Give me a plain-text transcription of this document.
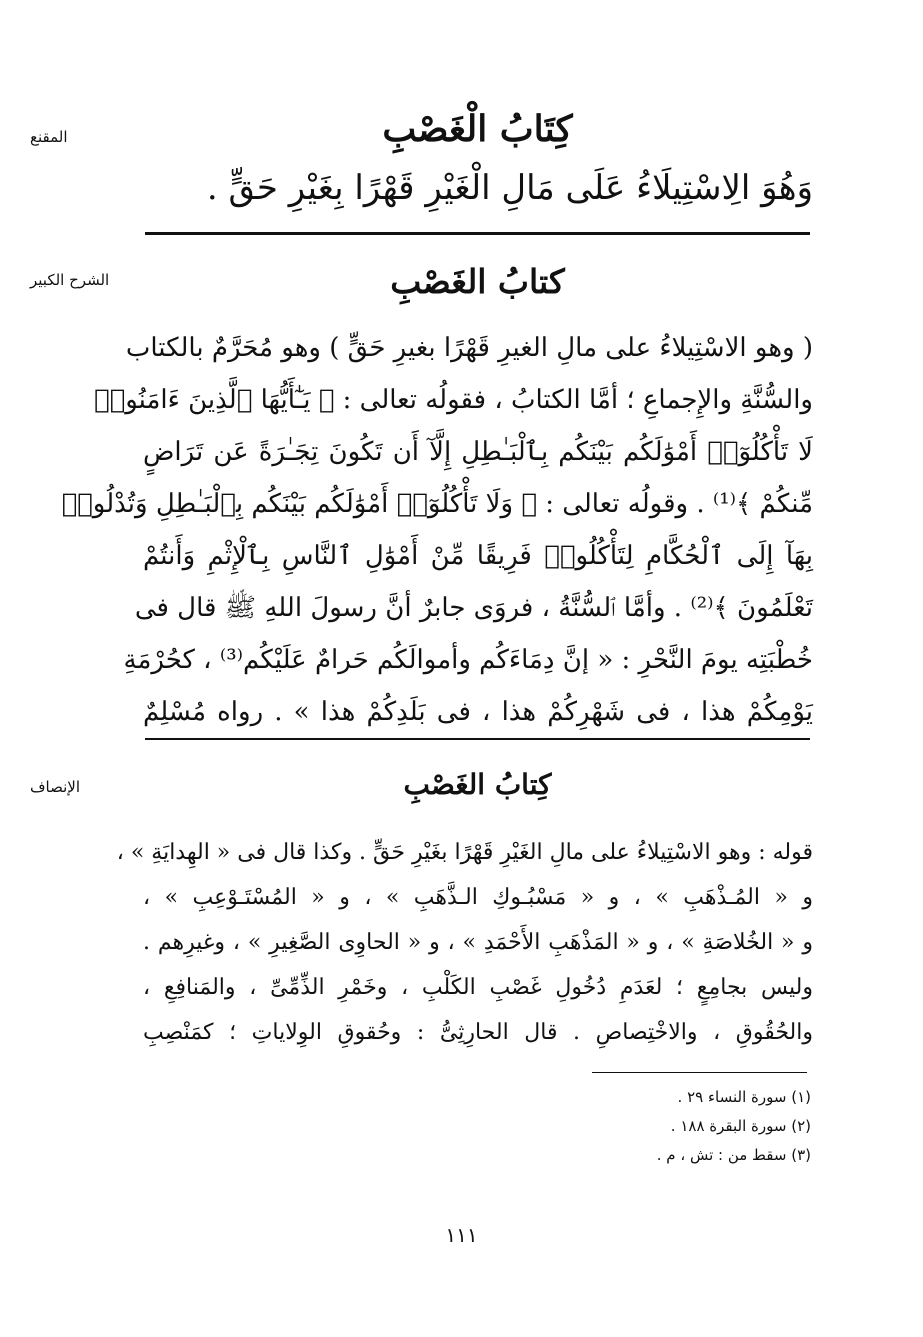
المقنع	كِتَابُ الْغَصْبِ
وَهُوَ الِاسْتِيلَاءُ عَلَى مَالِ الْغَيْرِ قَهْرًا بِغَيْرِ حَقٍّ .
الشرح الكبير	كتابُ الغَصْبِ
( وهو الاسْتِيلاءُ على مالِ الغيرِ قَهْرًا بغيرِ حَقٍّ ) وهو مُحَرَّمٌ بالكتاب
والسُّنَّةِ والإِجماعِ ؛ أمَّا الكتابُ ، فقولُه تعالى : ﴿ يَـٰٓأَيُّهَا ٱلَّذِينَ ءَامَنُوا۟
لَا تَأْكُلُوٓا۟ أَمْوَٰلَكُم بَيْنَكُم بِٱلْبَـٰطِلِ إِلَّآ أَن تَكُونَ تِجَـٰرَةً عَن تَرَاضٍ
مِّنكُمْ ﴾⁽¹⁾ . وقولُه تعالى : ﴿ وَلَا تَأْكُلُوٓا۟ أَمْوَٰلَكُم بَيْنَكُم بِٱلْبَـٰطِلِ وَتُدْلُوا۟
بِهَآ إِلَى ٱلْحُكَّامِ لِتَأْكُلُوا۟ فَرِيقًا مِّنْ أَمْوَٰلِ ٱلنَّاسِ بِٱلْإِثْمِ وَأَنتُمْ
تَعْلَمُونَ ﴾⁽²⁾ . وأمَّا ٱلسُّنَّةُ ، فروَى جابرٌ أنَّ رسولَ اللهِ ﷺ قال فى
خُطْبَتِه يومَ النَّحْرِ : « إنَّ دِمَاءَكُم وأموالَكُم حَرامٌ عَلَيْكُم⁽³⁾ ، كحُرْمَةِ
يَوْمِكُمْ هذا ، فى شَهْرِكُمْ هذا ، فى بَلَدِكُمْ هذا » . رواه مُسْلِمٌ
الإنصاف	كِتابُ الغَصْبِ
قوله : وهو الاسْتِيلاءُ على مالِ الغَيْرِ قَهْرًا بغَيْرِ حَقٍّ . وكذا قال فى « الهِدايَةِ » ،
و « المُـذْهَبِ » ، و « مَسْبُـوكِ الـذَّهَبِ » ، و « المُسْتَـوْعِبِ » ،
و « الخُلاصَةِ » ، و « المَذْهَبِ الأَحْمَدِ » ، و « الحاوِى الصَّغِيرِ » ، وغيرِهم .
وليس بجامِعٍ ؛ لعَدَمِ دُخُولِ غَصْبِ الكَلْبِ ، وخَمْرِ الذِّمِّىِّ ، والمَنافِعِ ،
والحُقُوقِ ، والاخْتِصاصِ . قال الحارِثِىُّ : وحُقوقِ الوِلاياتِ ؛ كمَنْصِبِ
(١) سورة النساء ٢٩ .
(٢) سورة البقرة ١٨٨ .
(٣) سقط من : تش ، م .
١١١
